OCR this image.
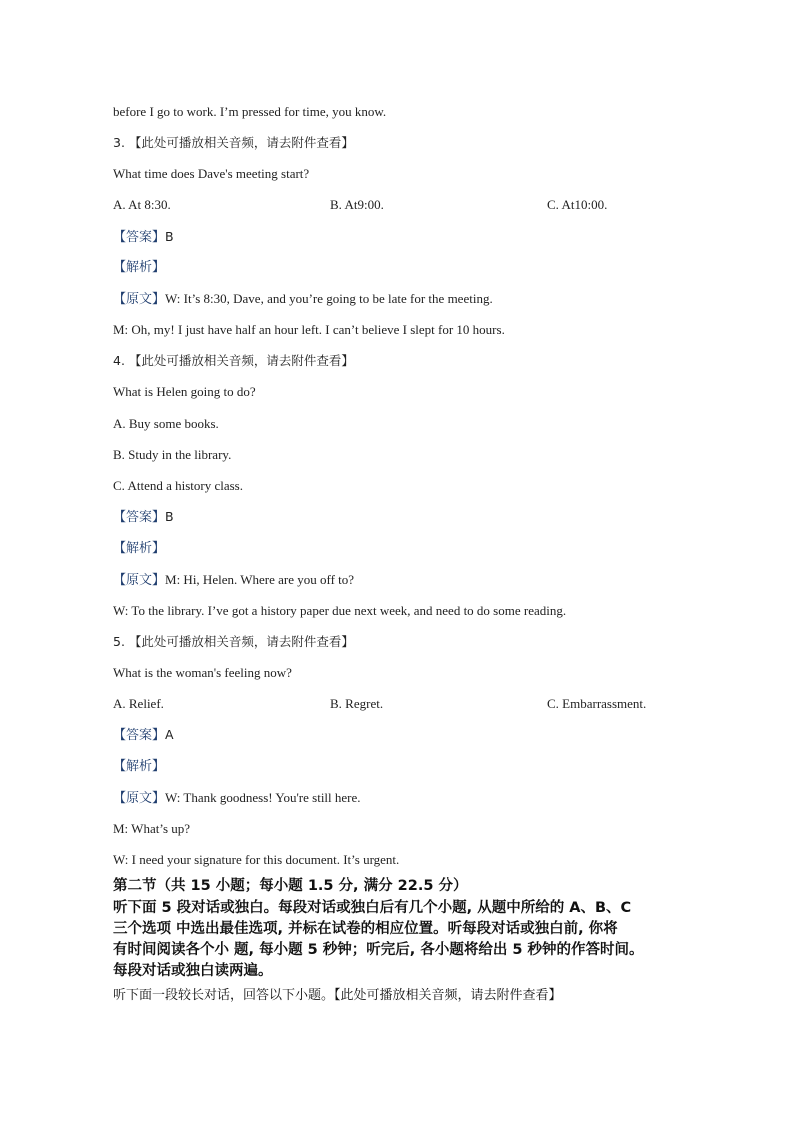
before I go to work. I’m pressed for time, you know.
3. 【此处可播放相关音频，请去附件查看】
What time does Dave's meeting start?
A. At 8:30.	B. At9:00.	C. At10:00.
【答案】B
【解析】
【原文】W: It’s 8:30, Dave, and you’re going to be late for the meeting.
M: Oh, my! I just have half an hour left. I can’t believe I slept for 10 hours.
4. 【此处可播放相关音频，请去附件查看】
What is Helen going to do?
A. Buy some books.
B. Study in the library.
C. Attend a history class.
【答案】B
【解析】
【原文】M: Hi, Helen. Where are you off to?
W: To the library. I’ve got a history paper due next week, and need to do some reading.
5. 【此处可播放相关音频，请去附件查看】
What is the woman's feeling now?
A. Relief.	B. Regret.	C. Embarrassment.
【答案】A
【解析】
【原文】W: Thank goodness! You're still here.
M: What’s up?
W: I need your signature for this document. It’s urgent.
第二节（共 15 小题；每小题 1.5 分, 满分 22.5 分）
听下面 5 段对话或独白。每段对话或独白后有几个小题, 从题中所给的 A、B、C
三个选项 中选出最佳选项, 并标在试卷的相应位置。听每段对话或独白前, 你将
有时间阅读各个小 题, 每小题 5 秒钟；听完后, 各小题将给出 5 秒钟的作答时间。
每段对话或独白读两遍。
听下面一段较长对话，回答以下小题。【此处可播放相关音频，请去附件查看】
